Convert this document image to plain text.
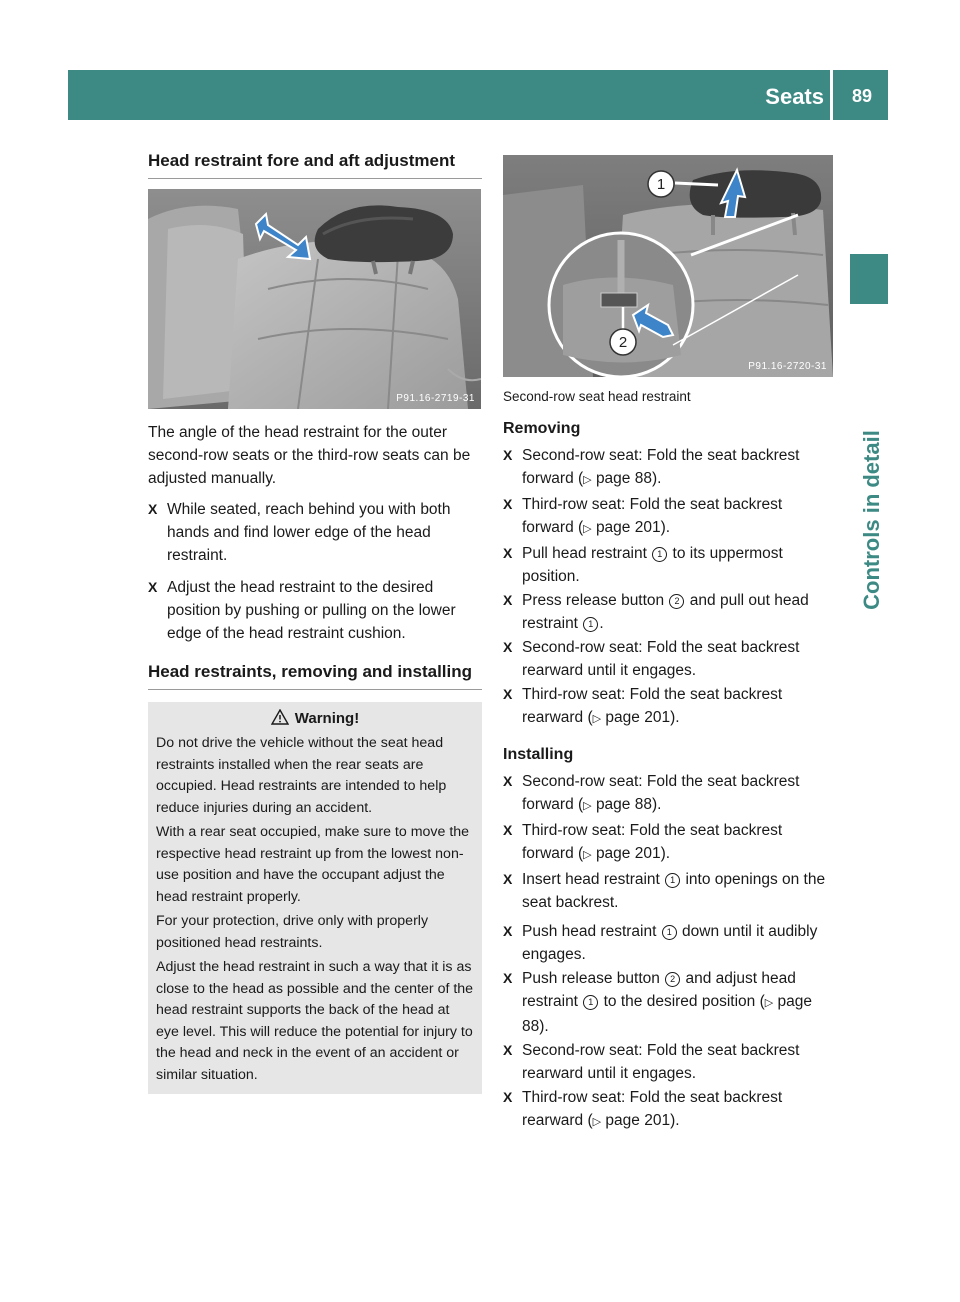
Seats 89
Controls in detail
Head restraint fore and aft adjustment
P91.16-2719-31

The angle of the head restraint for the outer second-row seats or the third-row seats can be adjusted manually.

X While seated, reach behind you with both hands and find lower edge of the head restraint.
X Adjust the head restraint to the desired position by pushing or pulling on the lower edge of the head restraint cushion.
Head restraints, removing and installing
Warning!

Do not drive the vehicle without the seat head restraints installed when the rear seats are occupied. Head restraints are intended to help reduce injuries during an accident.

With a rear seat occupied, make sure to move the respective head restraint up from the lowest non-use position and have the occupant adjust the head restraint properly.

For your protection, drive only with properly positioned head restraints.

Adjust the head restraint in such a way that it is as close to the head as possible and the center of the head restraint supports the back of the head at eye level. This will reduce the potential for injury to the head and neck in the event of an accident or similar situation.

1
2
P91.16-2720-31
Second-row seat head restraint
Removing
X Second-row seat: Fold the seat backrest forward (▷ page 88).
X Third-row seat: Fold the seat backrest forward (▷ page 201).
X Pull head restraint 1 to its uppermost position.
X Press release button 2 and pull out head restraint 1 .
X Second-row seat: Fold the seat backrest rearward until it engages.
X Third-row seat: Fold the seat backrest rearward (▷ page 201).
Installing
X Second-row seat: Fold the seat backrest forward (▷ page 88).
X Third-row seat: Fold the seat backrest forward (▷ page 201).
X Insert head restraint 1 into openings on the seat backrest.
X Push head restraint 1 down until it audibly engages.
X Push release button 2 and adjust head restraint 1 to the desired position (▷ page 88).
X Second-row seat: Fold the seat backrest rearward until it engages.
X Third-row seat: Fold the seat backrest rearward (▷ page 201).
